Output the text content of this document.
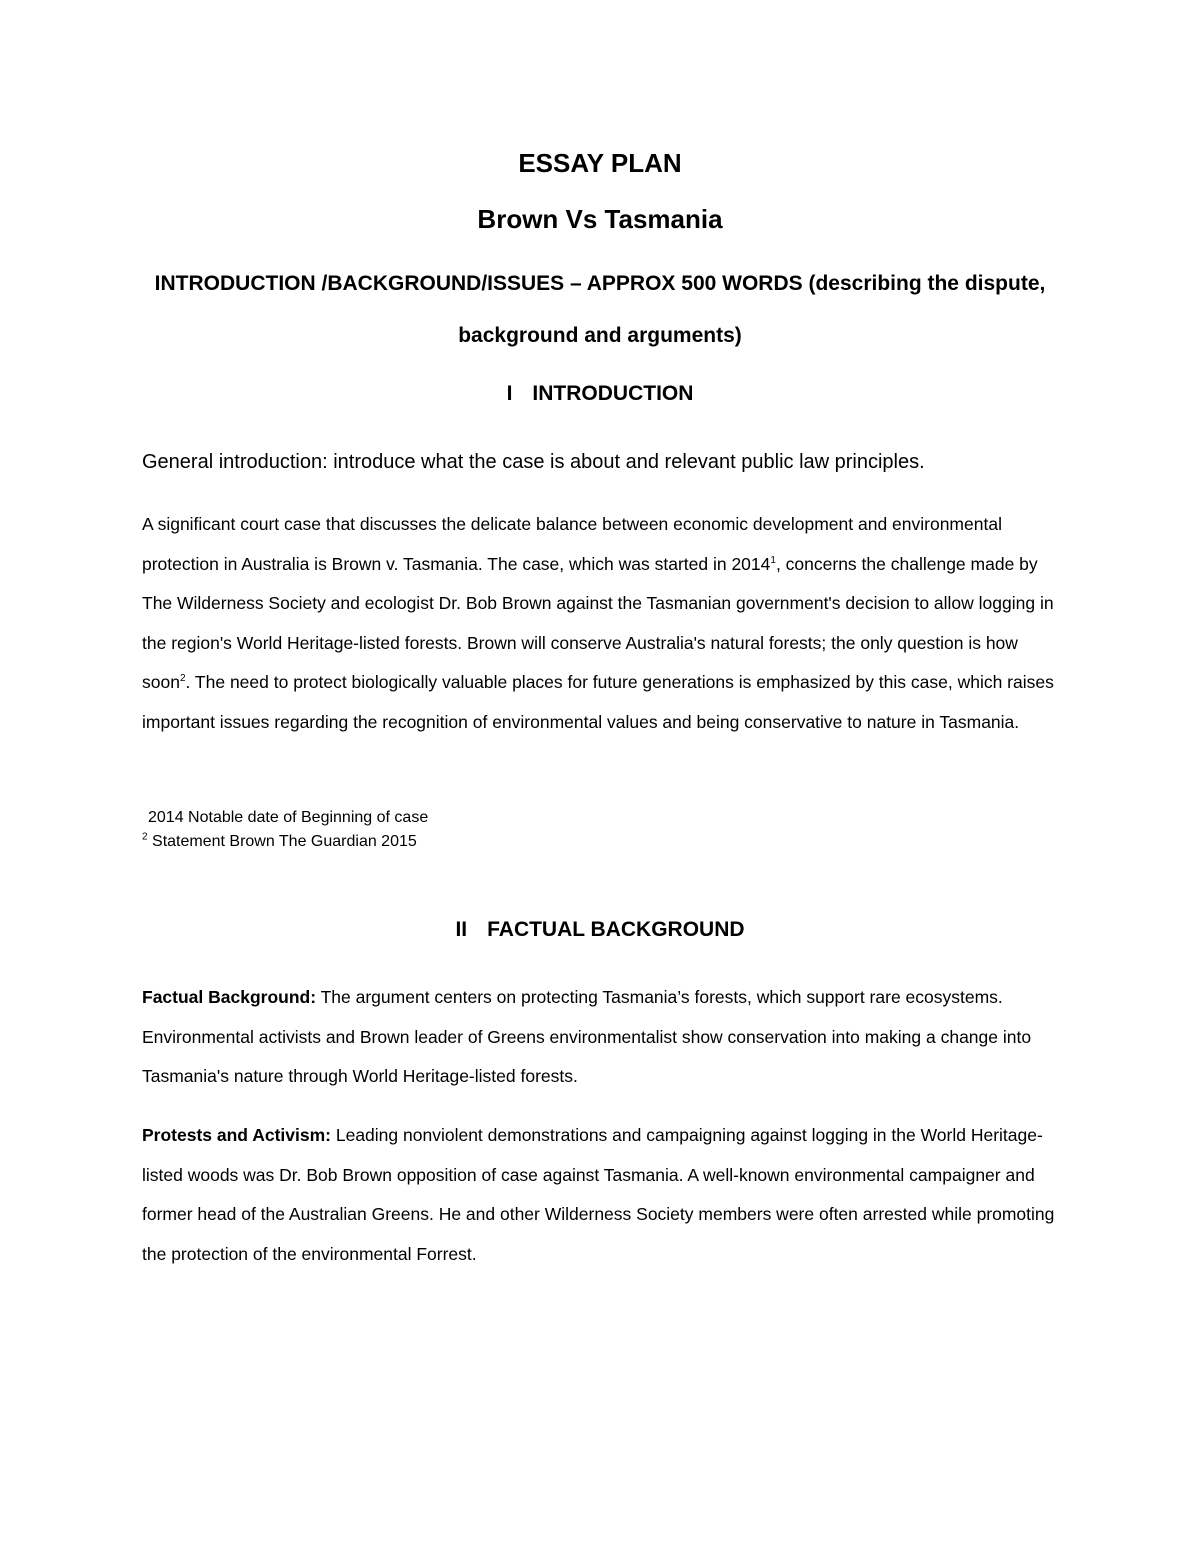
ESSAY PLAN
Brown Vs Tasmania
INTRODUCTION /BACKGROUND/ISSUES – APPROX 500 WORDS (describing the dispute, background and arguments)
I INTRODUCTION
General introduction: introduce what the case is about and relevant public law principles.
A significant court case that discusses the delicate balance between economic development and environmental protection in Australia is Brown v. Tasmania. The case, which was started in 2014$^1$, concerns the challenge made by The Wilderness Society and ecologist Dr. Bob Brown against the Tasmanian government's decision to allow logging in the region's World Heritage-listed forests. Brown will conserve Australia's natural forests; the only question is how soon$^2$. The need to protect biologically valuable places for future generations is emphasized by this case, which raises important issues regarding the recognition of environmental values and being conservative to nature in Tasmania.
2014 Notable date of Beginning of case
$^2$ Statement Brown The Guardian 2015
II FACTUAL BACKGROUND
Factual Background: The argument centers on protecting Tasmania’s forests, which support rare ecosystems. Environmental activists and Brown leader of Greens environmentalist show conservation into making a change into Tasmania's nature through World Heritage-listed forests.
Protests and Activism: Leading nonviolent demonstrations and campaigning against logging in the World Heritage-listed woods was Dr. Bob Brown opposition of case against Tasmania. A well-known environmental campaigner and former head of the Australian Greens. He and other Wilderness Society members were often arrested while promoting the protection of the environmental Forrest.
